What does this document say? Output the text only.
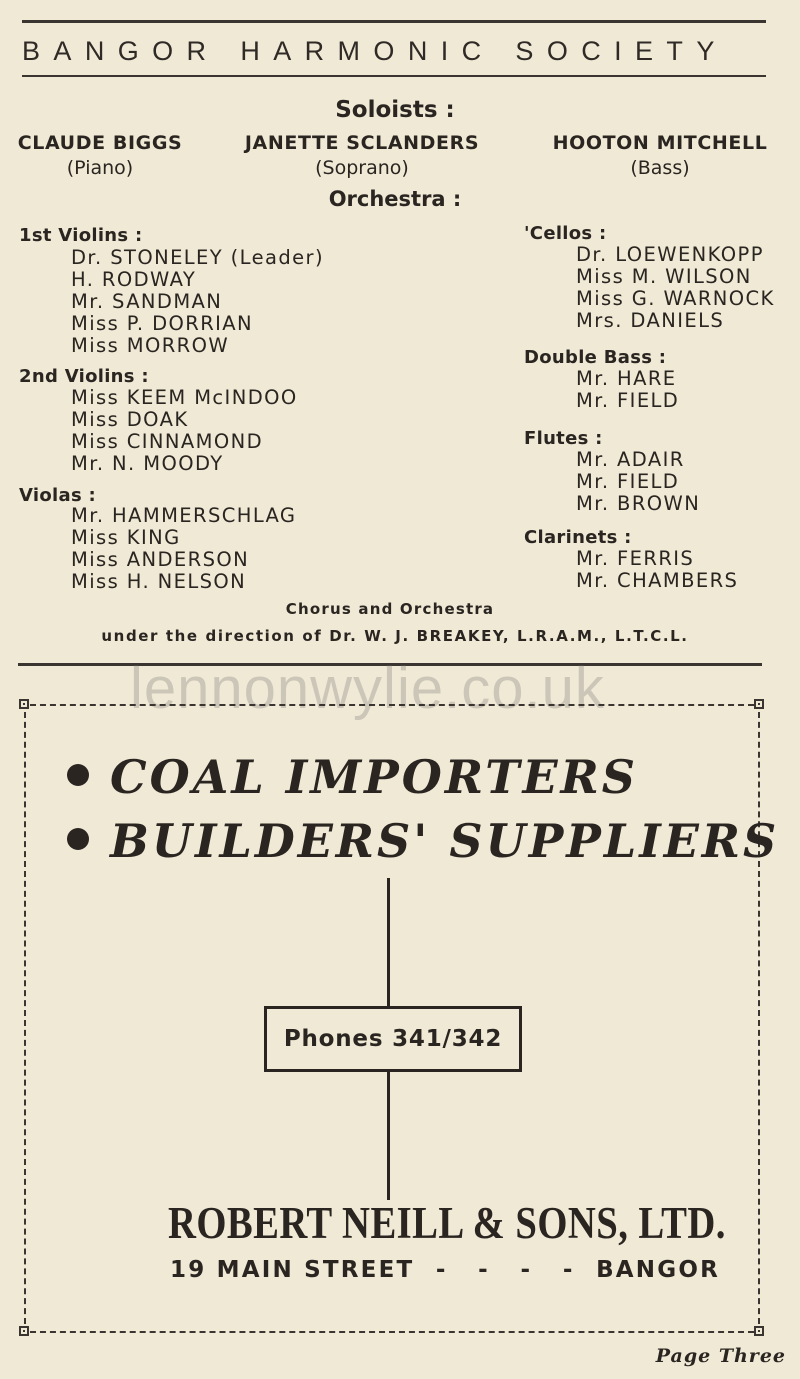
BANGOR HARMONIC SOCIETY
Soloists :
CLAUDE BIGGS
(Piano)
JANETTE SCLANDERS
(Soprano)
HOOTON MITCHELL
(Bass)
Orchestra :
1st Violins :
Dr. STONELEY (Leader)
H. RODWAY
Mr. SANDMAN
Miss P. DORRIAN
Miss MORROW
2nd Violins :
Miss KEEM McINDOO
Miss DOAK
Miss CINNAMOND
Mr. N. MOODY
Violas :
Mr. HAMMERSCHLAG
Miss KING
Miss ANDERSON
Miss H. NELSON
'Cellos :
Dr. LOEWENKOPP
Miss M. WILSON
Miss G. WARNOCK
Mrs. DANIELS
Double Bass :
Mr. HARE
Mr. FIELD
Flutes :
Mr. ADAIR
Mr. FIELD
Mr. BROWN
Clarinets :
Mr. FERRIS
Mr. CHAMBERS
Chorus and Orchestra
under the direction of Dr. W. J. BREAKEY, L.R.A.M., L.T.C.L.
lennonwylie.co.uk
COAL IMPORTERS
BUILDERS' SUPPLIERS
Phones 341/342
ROBERT NEILL & SONS, LTD.
19 MAIN STREET -   -   -   - BANGOR
Page Three
